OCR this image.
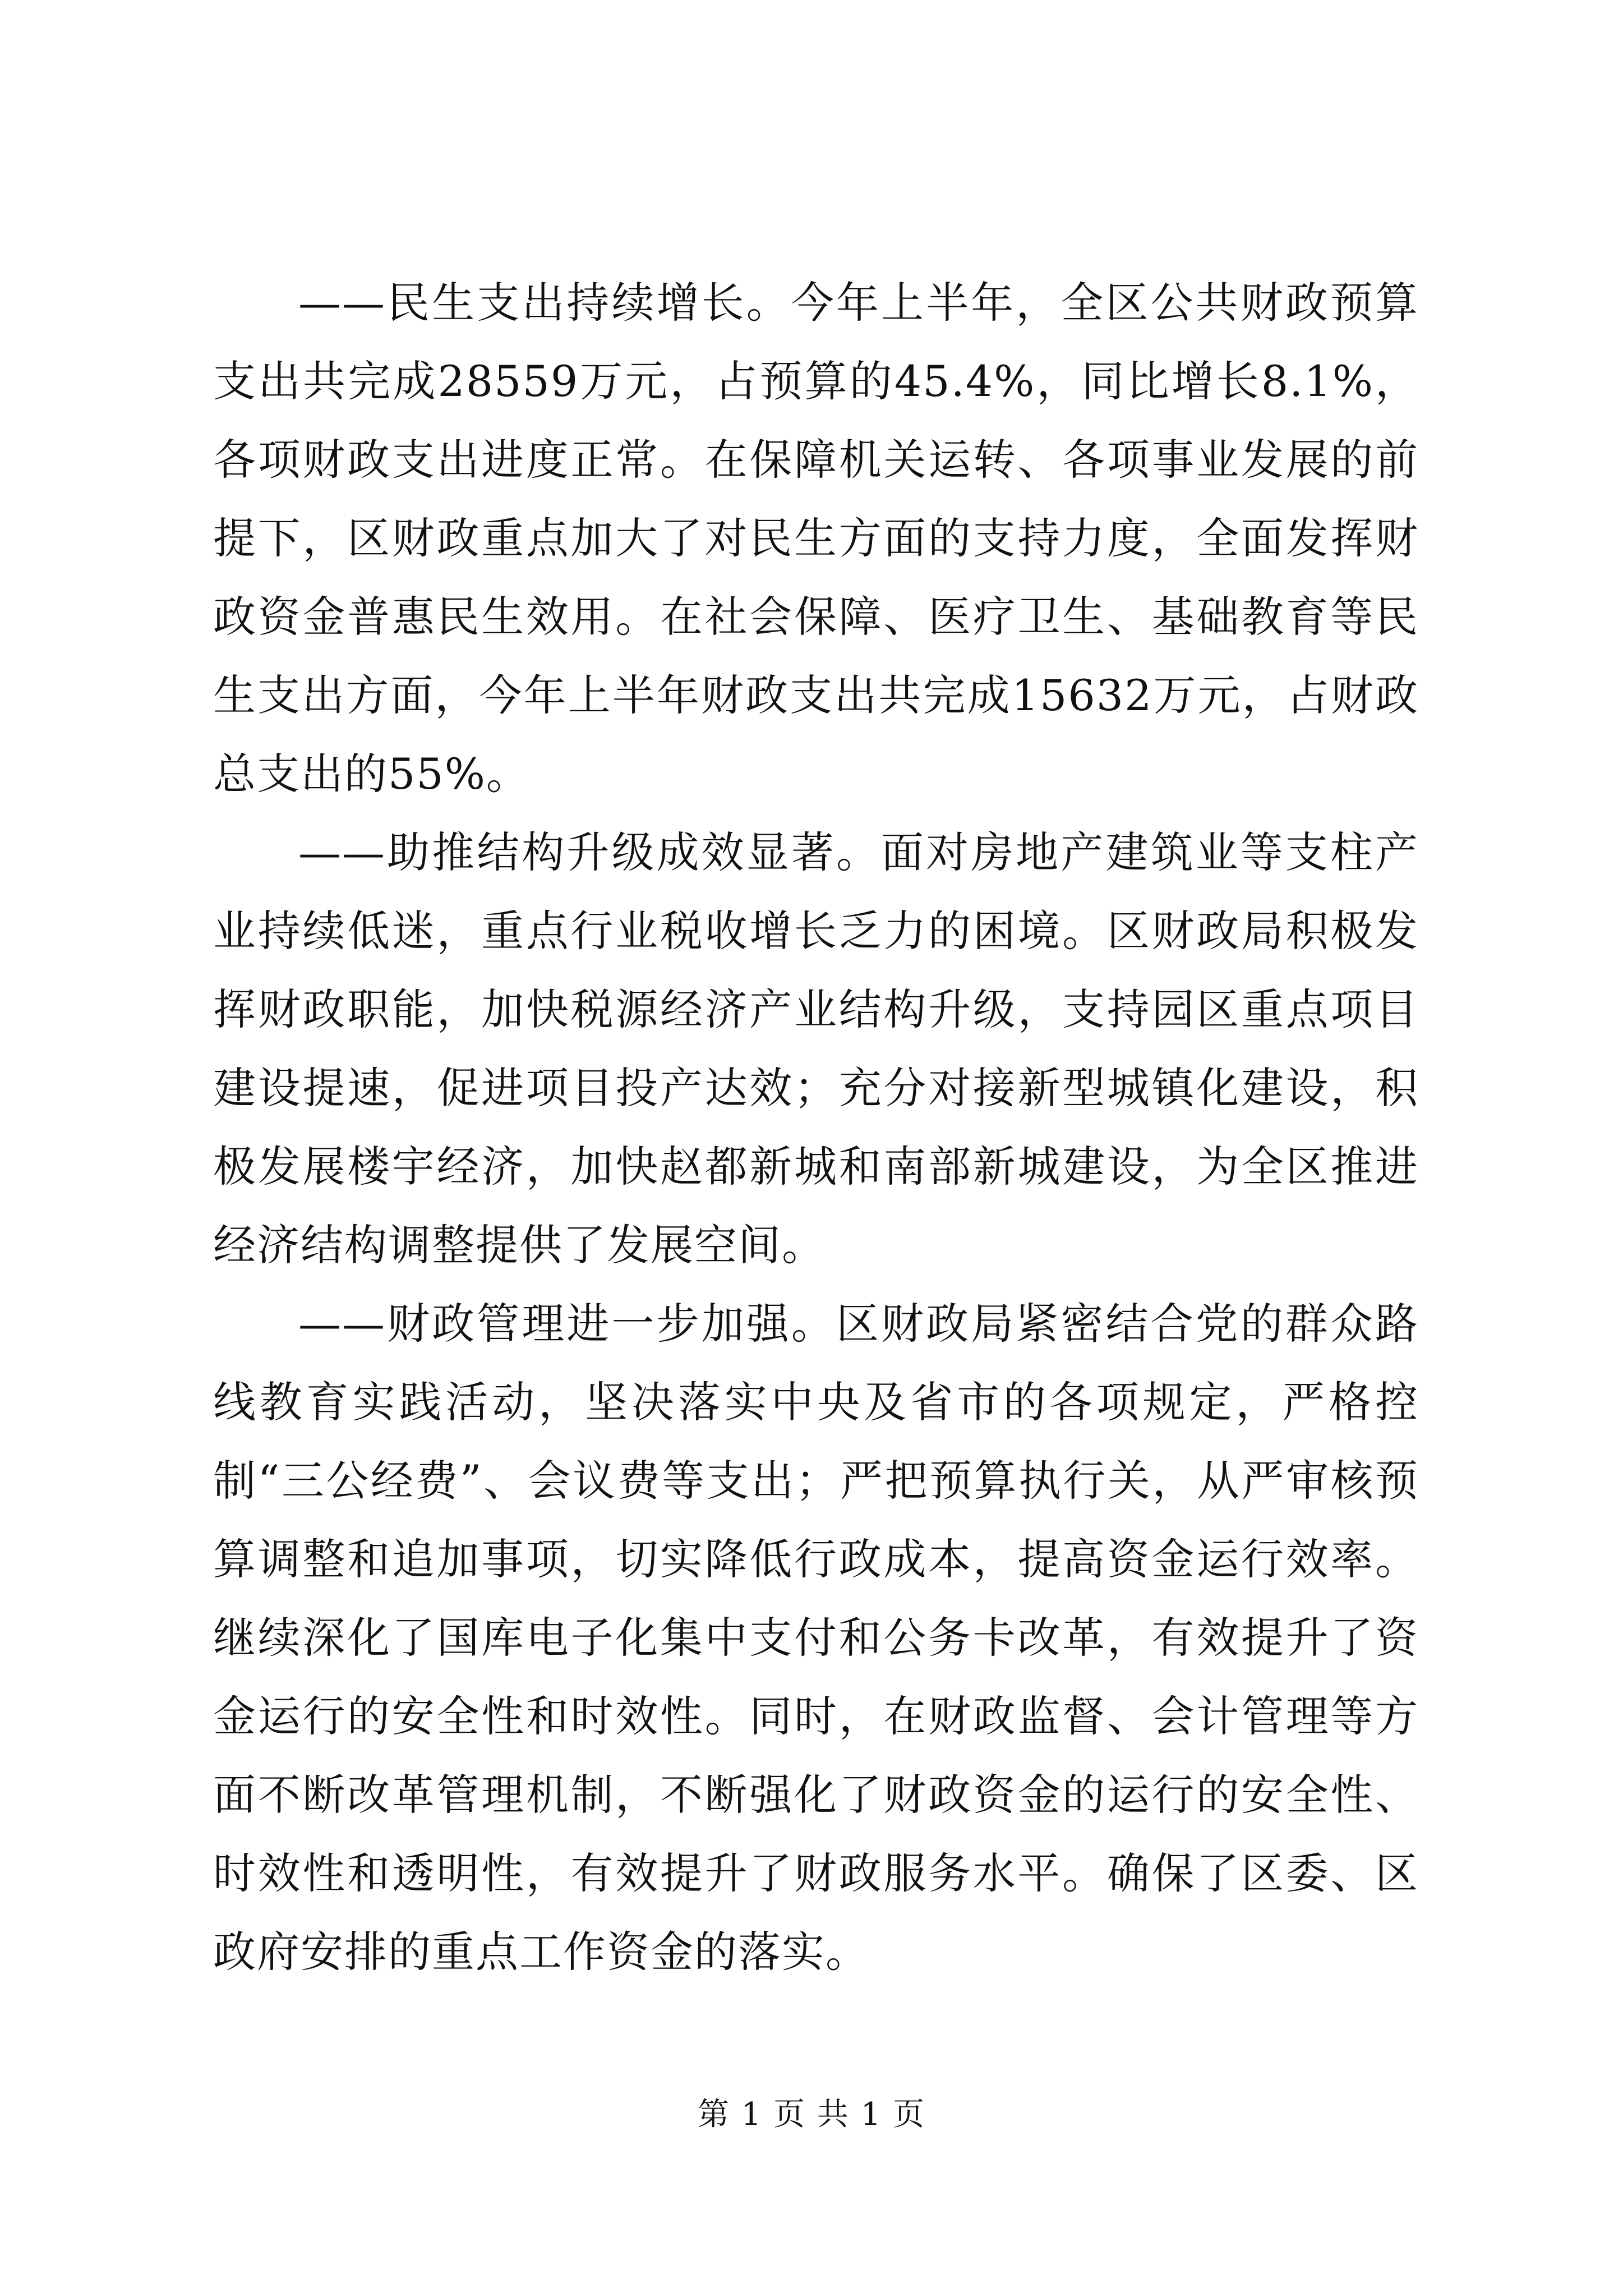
——民生支出持续增长。今年上半年，全区公共财政预算支出共完成28559万元，占预算的45.4%，同比增长8.1%，各项财政支出进度正常。在保障机关运转、各项事业发展的前提下，区财政重点加大了对民生方面的支持力度，全面发挥财政资金普惠民生效用。在社会保障、医疗卫生、基础教育等民生支出方面，今年上半年财政支出共完成15632万元，占财政总支出的55%。

——助推结构升级成效显著。面对房地产建筑业等支柱产业持续低迷，重点行业税收增长乏力的困境。区财政局积极发挥财政职能，加快税源经济产业结构升级，支持园区重点项目建设提速，促进项目投产达效；充分对接新型城镇化建设，积极发展楼宇经济，加快赵都新城和南部新城建设，为全区推进经济结构调整提供了发展空间。

——财政管理进一步加强。区财政局紧密结合党的群众路线教育实践活动，坚决落实中央及省市的各项规定，严格控制“三公经费”、会议费等支出；严把预算执行关，从严审核预算调整和追加事项，切实降低行政成本，提高资金运行效率。继续深化了国库电子化集中支付和公务卡改革，有效提升了资金运行的安全性和时效性。同时，在财政监督、会计管理等方面不断改革管理机制，不断强化了财政资金的运行的安全性、时效性和透明性，有效提升了财政服务水平。确保了区委、区政府安排的重点工作资金的落实。

第 1 页 共 1 页
